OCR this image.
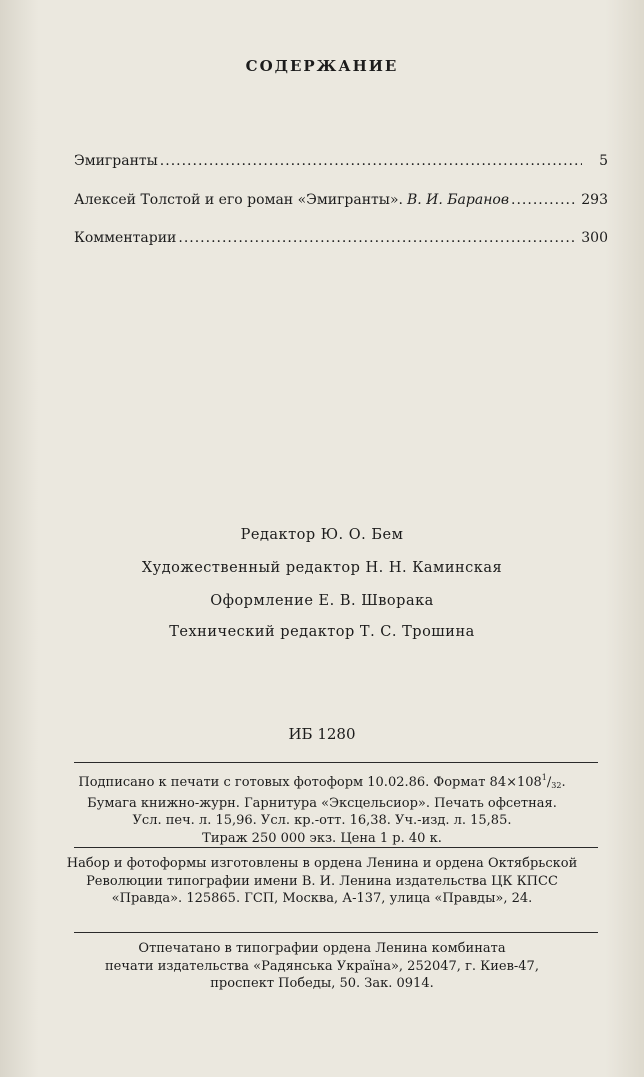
СОДЕРЖАНИЕ
Эмигранты .....	5
Алексей Толстой и его роман «Эмигранты». В. И. Баранов .....	293
Комментарии .....	300
Редактор Ю. О. Бем
Художественный редактор Н. Н. Каминская
Оформление Е. В. Шворака
Технический редактор Т. С. Трошина
ИБ 1280
Подписано к печати с готовых фотоформ 10.02.86. Формат $84\times 108^1/_{32}$.
Бумага книжно-журн. Гарнитура «Эксцельсиор». Печать офсетная.
Усл. печ. л. 15,96. Усл. кр.-отт. 16,38. Уч.-изд. л. 15,85.
Тираж 250 000 экз. Цена 1 р. 40 к.
Набор и фотоформы изготовлены в ордена Ленина и ордена Октябрьской
Революции типографии имени В. И. Ленина издательства ЦК КПСС
«Правда». 125865. ГСП, Москва, А-137, улица «Правды», 24.
Отпечатано в типографии ордена Ленина комбината
печати издательства «Радянська Україна», 252047, г. Киев-47,
проспект Победы, 50. Зак. 0914.
